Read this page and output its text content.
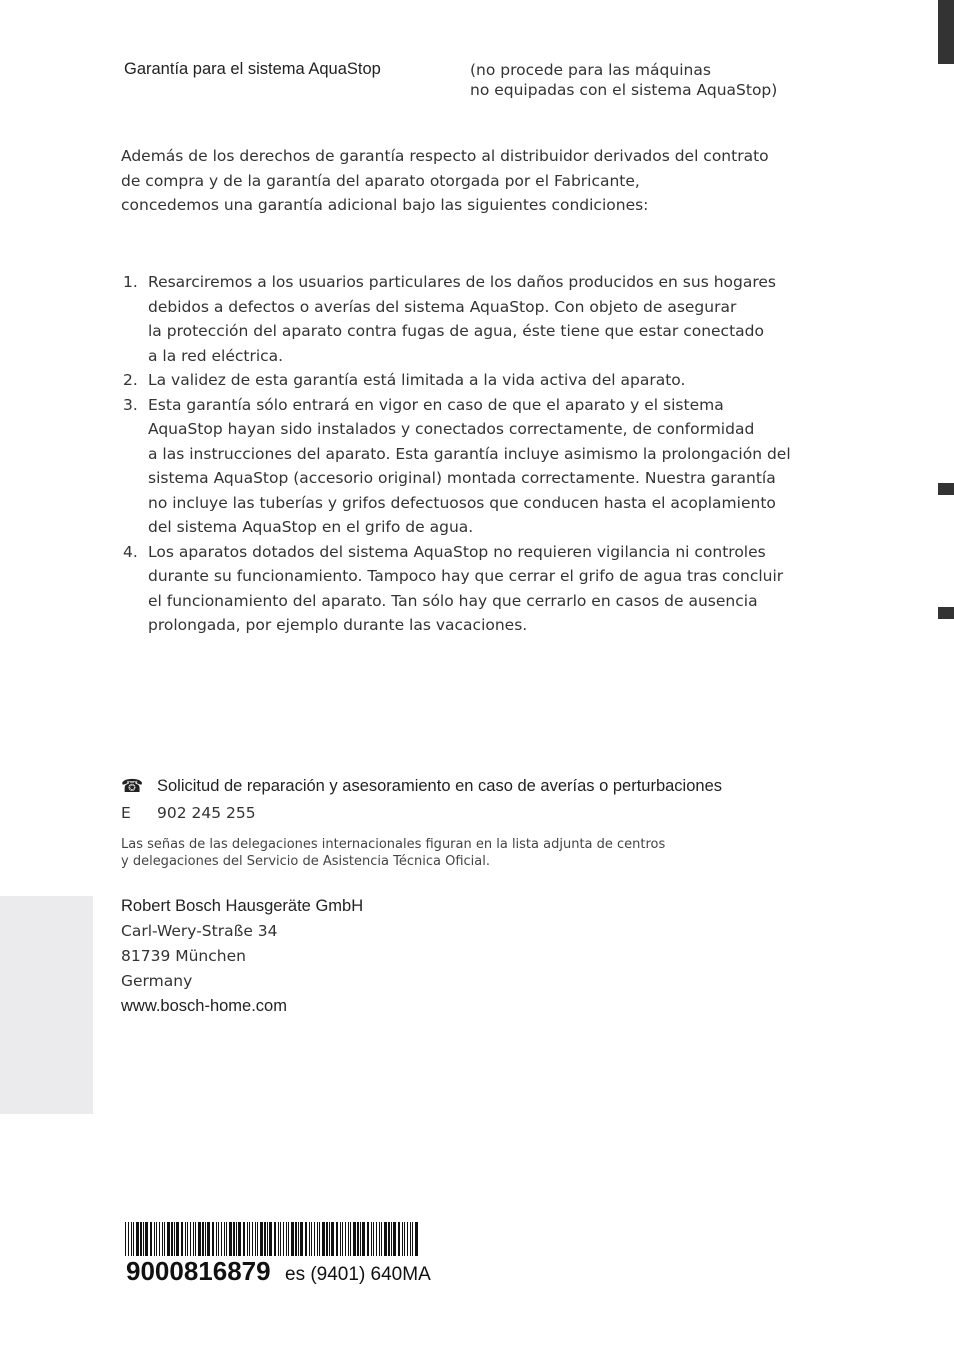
Garantía para el sistema AquaStop	(no procede para las máquinas
no equipadas con el sistema AquaStop)
Además de los derechos de garantía respecto al distribuidor derivados del contrato
de compra y de la garantía del aparato otorgada por el Fabricante,
concedemos una garantía adicional bajo las siguientes condiciones:
1. Resarciremos a los usuarios particulares de los daños producidos en sus hogares
debidos a defectos o averías del sistema AquaStop. Con objeto de asegurar
la protección del aparato contra fugas de agua, éste tiene que estar conectado
a la red eléctrica.
2. La validez de esta garantía está limitada a la vida activa del aparato.
3. Esta garantía sólo entrará en vigor en caso de que el aparato y el sistema
AquaStop hayan sido instalados y conectados correctamente, de conformidad
a las instrucciones del aparato. Esta garantía incluye asimismo la prolongación del
sistema AquaStop (accesorio original) montada correctamente. Nuestra garantía
no incluye las tuberías y grifos defectuosos que conducen hasta el acoplamiento
del sistema AquaStop en el grifo de agua.
4. Los aparatos dotados del sistema AquaStop no requieren vigilancia ni controles
durante su funcionamiento. Tampoco hay que cerrar el grifo de agua tras concluir
el funcionamiento del aparato. Tan sólo hay que cerrarlo en casos de ausencia
prolongada, por ejemplo durante las vacaciones.
☎ Solicitud de reparación y asesoramiento en caso de averías o perturbaciones
E 902 245 255
Las señas de las delegaciones internacionales figuran en la lista adjunta de centros
y delegaciones del Servicio de Asistencia Técnica Oficial.
Robert Bosch Hausgeräte GmbH
Carl-Wery-Straße 34
81739 München
Germany
www.bosch-home.com
9000816879 es (9401) 640MA
